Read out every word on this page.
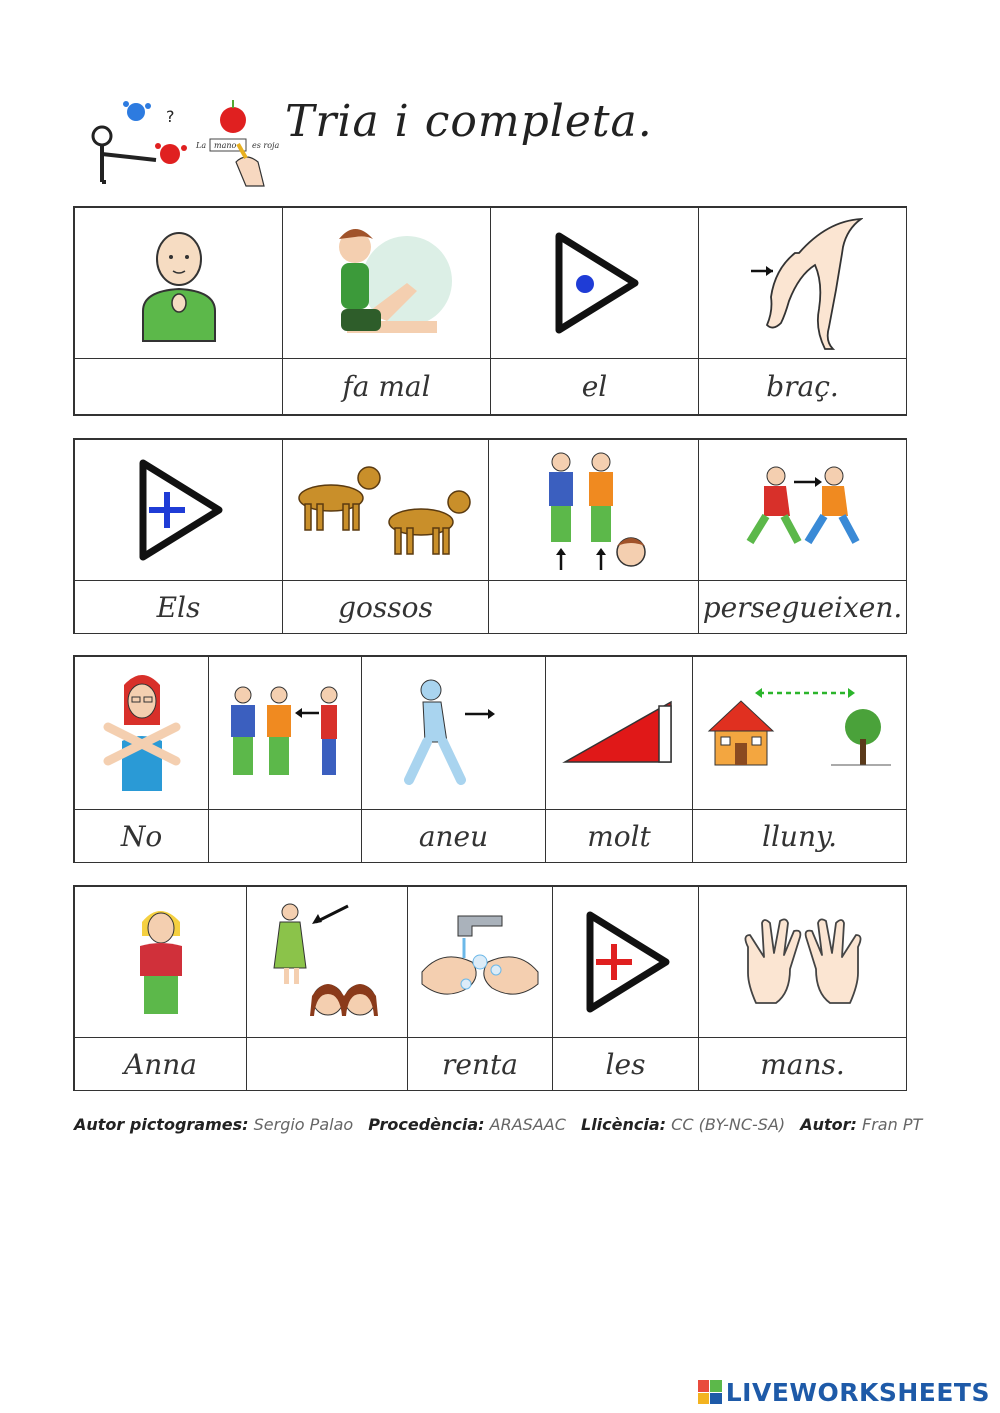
?
La mano es roja Tria i completa.

	fa mal	el	braç.

Els	gossos		persegueixen.

No		aneu	molt	lluny.

Anna		renta	les	mans.
Autor pictogrames: Sergio Palao Procedència: ARASAAC Llicència: CC (BY-NC-SA) Autor: Fran PT
LIVEWORKSHEETS
